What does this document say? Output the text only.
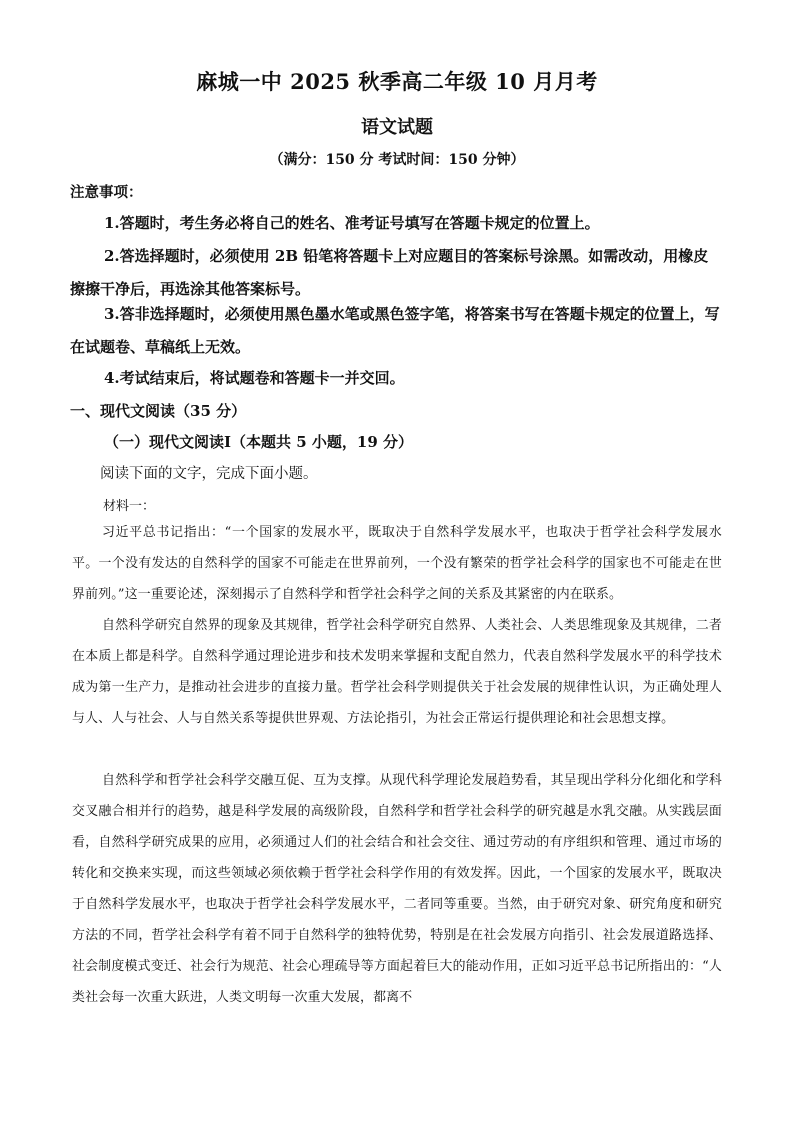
麻城一中 2025 秋季高二年级 10 月月考
语文试题
（满分：150 分 考试时间：150 分钟）
注意事项：
1.答题时，考生务必将自己的姓名、准考证号填写在答题卡规定的位置上。
2.答选择题时，必须使用 2B 铅笔将答题卡上对应题目的答案标号涂黑。如需改动，用橡皮擦擦干净后，再选涂其他答案标号。
3.答非选择题时，必须使用黑色墨水笔或黑色签字笔，将答案书写在答题卡规定的位置上，写在试题卷、草稿纸上无效。
4.考试结束后，将试题卷和答题卡一并交回。
一、现代文阅读（35 分）
（一）现代文阅读Ⅰ（本题共 5 小题，19 分）
阅读下面的文字，完成下面小题。
材料一：
习近平总书记指出：“一个国家的发展水平，既取决于自然科学发展水平，也取决于哲学社会科学发展水平。一个没有发达的自然科学的国家不可能走在世界前列，一个没有繁荣的哲学社会科学的国家也不可能走在世界前列。”这一重要论述，深刻揭示了自然科学和哲学社会科学之间的关系及其紧密的内在联系。
自然科学研究自然界的现象及其规律，哲学社会科学研究自然界、人类社会、人类思维现象及其规律，二者在本质上都是科学。自然科学通过理论进步和技术发明来掌握和支配自然力，代表自然科学发展水平的科学技术成为第一生产力，是推动社会进步的直接力量。哲学社会科学则提供关于社会发展的规律性认识，为正确处理人与人、人与社会、人与自然关系等提供世界观、方法论指引，为社会正常运行提供理论和社会思想支撑。
自然科学和哲学社会科学交融互促、互为支撑。从现代科学理论发展趋势看，其呈现出学科分化细化和学科交叉融合相并行的趋势，越是科学发展的高级阶段，自然科学和哲学社会科学的研究越是水乳交融。从实践层面看，自然科学研究成果的应用，必须通过人们的社会结合和社会交往、通过劳动的有序组织和管理、通过市场的转化和交换来实现，而这些领域必须依赖于哲学社会科学作用的有效发挥。因此，一个国家的发展水平，既取决于自然科学发展水平，也取决于哲学社会科学发展水平，二者同等重要。当然，由于研究对象、研究角度和研究方法的不同，哲学社会科学有着不同于自然科学的独特优势，特别是在社会发展方向指引、社会发展道路选择、社会制度模式变迁、社会行为规范、社会心理疏导等方面起着巨大的能动作用，正如习近平总书记所指出的：“人类社会每一次重大跃进，人类文明每一次重大发展，都离不
